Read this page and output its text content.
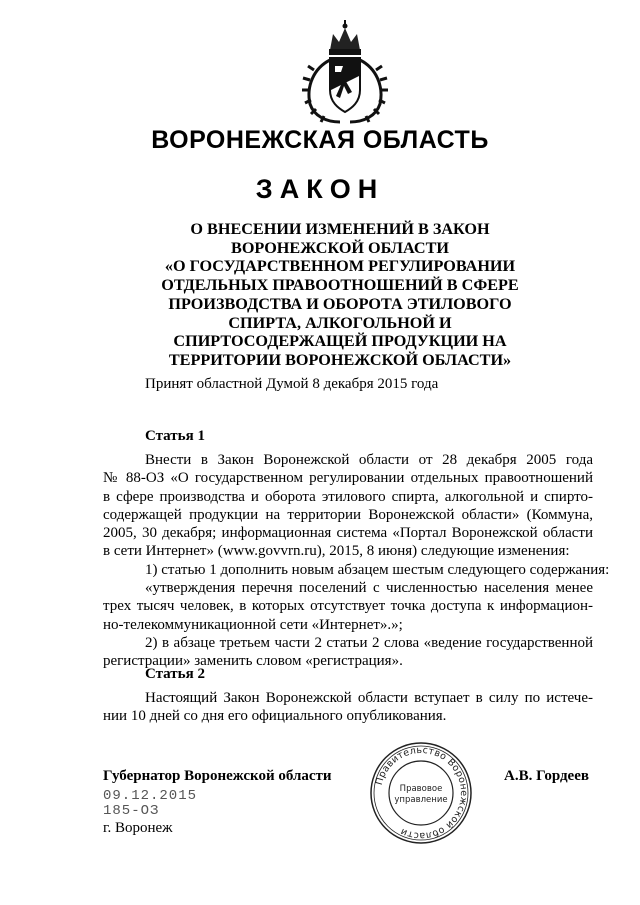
ВОРОНЕЖСКАЯ ОБЛАСТЬ
ЗАКОН
О ВНЕСЕНИИ ИЗМЕНЕНИЙ В ЗАКОН
ВОРОНЕЖСКОЙ ОБЛАСТИ
«О ГОСУДАРСТВЕННОМ РЕГУЛИРОВАНИИ
ОТДЕЛЬНЫХ ПРАВООТНОШЕНИЙ В СФЕРЕ
ПРОИЗВОДСТВА И ОБОРОТА ЭТИЛОВОГО
СПИРТА, АЛКОГОЛЬНОЙ И
СПИРТОСОДЕРЖАЩЕЙ ПРОДУКЦИИ НА
ТЕРРИТОРИИ ВОРОНЕЖСКОЙ ОБЛАСТИ»
Принят областной Думой 8 декабря 2015 года
Статья 1
Внести в Закон Воронежской области от 28 декабря 2005 года
№ 88-ОЗ «О государственном регулировании отдельных правоотношений
в сфере производства и оборота этилового спирта, алкогольной и спирто-
содержащей продукции на территории Воронежской области» (Коммуна,
2005, 30 декабря; информационная система «Портал Воронежской области
в сети Интернет» (www.govvrn.ru), 2015, 8 июня) следующие изменения:
1) статью 1 дополнить новым абзацем шестым следующего содержания:
«утверждения перечня поселений с численностью населения менее
трех тысяч человек, в которых отсутствует точка доступа к информацион-
но-телекоммуникационной сети «Интернет».»;
2) в абзаце третьем части 2 статьи 2 слова «ведение государственной
регистрации» заменить словом «регистрация».
Статья 2
Настоящий Закон Воронежской области вступает в силу по истече-
нии 10 дней со дня его официального опубликования.
Губернатор Воронежской области	Правительство Воронежской области
Правовое
управление
А.В. Гордеев
09.12.2015
185-ОЗ
г. Воронеж
